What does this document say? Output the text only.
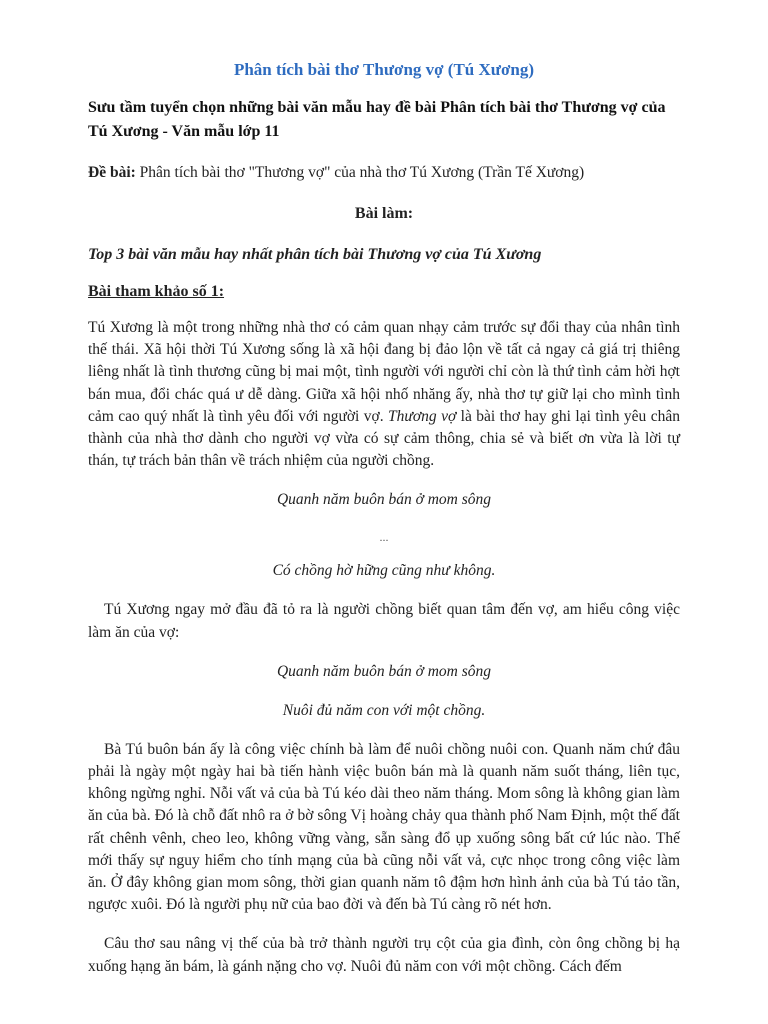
Phân tích bài thơ Thương vợ (Tú Xương)

Sưu tầm tuyển chọn những bài văn mẫu hay đề bài Phân tích bài thơ Thương vợ của Tú Xương - Văn mẫu lớp 11

Đề bài: Phân tích bài thơ "Thương vợ" của nhà thơ Tú Xương (Trần Tế Xương)

Bài làm:

Top 3 bài văn mẫu hay nhất phân tích bài Thương vợ của Tú Xương

Bài tham khảo số 1:

Tú Xương là một trong những nhà thơ có cảm quan nhạy cảm trước sự đổi thay của nhân tình thế thái. Xã hội thời Tú Xương sống là xã hội đang bị đảo lộn về tất cả ngay cả giá trị thiêng liêng nhất là tình thương cũng bị mai một, tình người với người chỉ còn là thứ tình cảm hời hợt bán mua, đổi chác quá ư dễ dàng. Giữa xã hội nhố nhăng ấy, nhà thơ tự giữ lại cho mình tình cảm cao quý nhất là tình yêu đối với người vợ. Thương vợ là bài thơ hay ghi lại tình yêu chân thành của nhà thơ dành cho người vợ vừa có sự cảm thông, chia sẻ và biết ơn vừa là lời tự thán, tự trách bản thân về trách nhiệm của người chồng.

Quanh năm buôn bán ở mom sông

...

Có chồng hờ hững cũng như không.

Tú Xương ngay mở đầu đã tỏ ra là người chồng biết quan tâm đến vợ, am hiểu công việc làm ăn của vợ:

Quanh năm buôn bán ở mom sông

Nuôi đủ năm con với một chồng.

Bà Tú buôn bán ấy là công việc chính bà làm để nuôi chồng nuôi con. Quanh năm chứ đâu phải là ngày một ngày hai bà tiến hành việc buôn bán mà là quanh năm suốt tháng, liên tục, không ngừng nghỉ. Nỗi vất vả của bà Tú kéo dài theo năm tháng. Mom sông là không gian làm ăn của bà. Đó là chỗ đất nhô ra ở bờ sông Vị hoàng chảy qua thành phố Nam Định, một thế đất rất chênh vênh, cheo leo, không vững vàng, sẵn sàng đổ ụp xuống sông bất cứ lúc nào. Thế mới thấy sự nguy hiểm cho tính mạng của bà cũng nỗi vất vả, cực nhọc trong công việc làm ăn. Ở đây không gian mom sông, thời gian quanh năm tô đậm hơn hình ảnh của bà Tú tảo tần, ngược xuôi. Đó là người phụ nữ của bao đời và đến bà Tú càng rõ nét hơn.

Câu thơ sau nâng vị thế của bà trở thành người trụ cột của gia đình, còn ông chồng bị hạ xuống hạng ăn bám, là gánh nặng cho vợ. Nuôi đủ năm con với một chồng. Cách đếm
